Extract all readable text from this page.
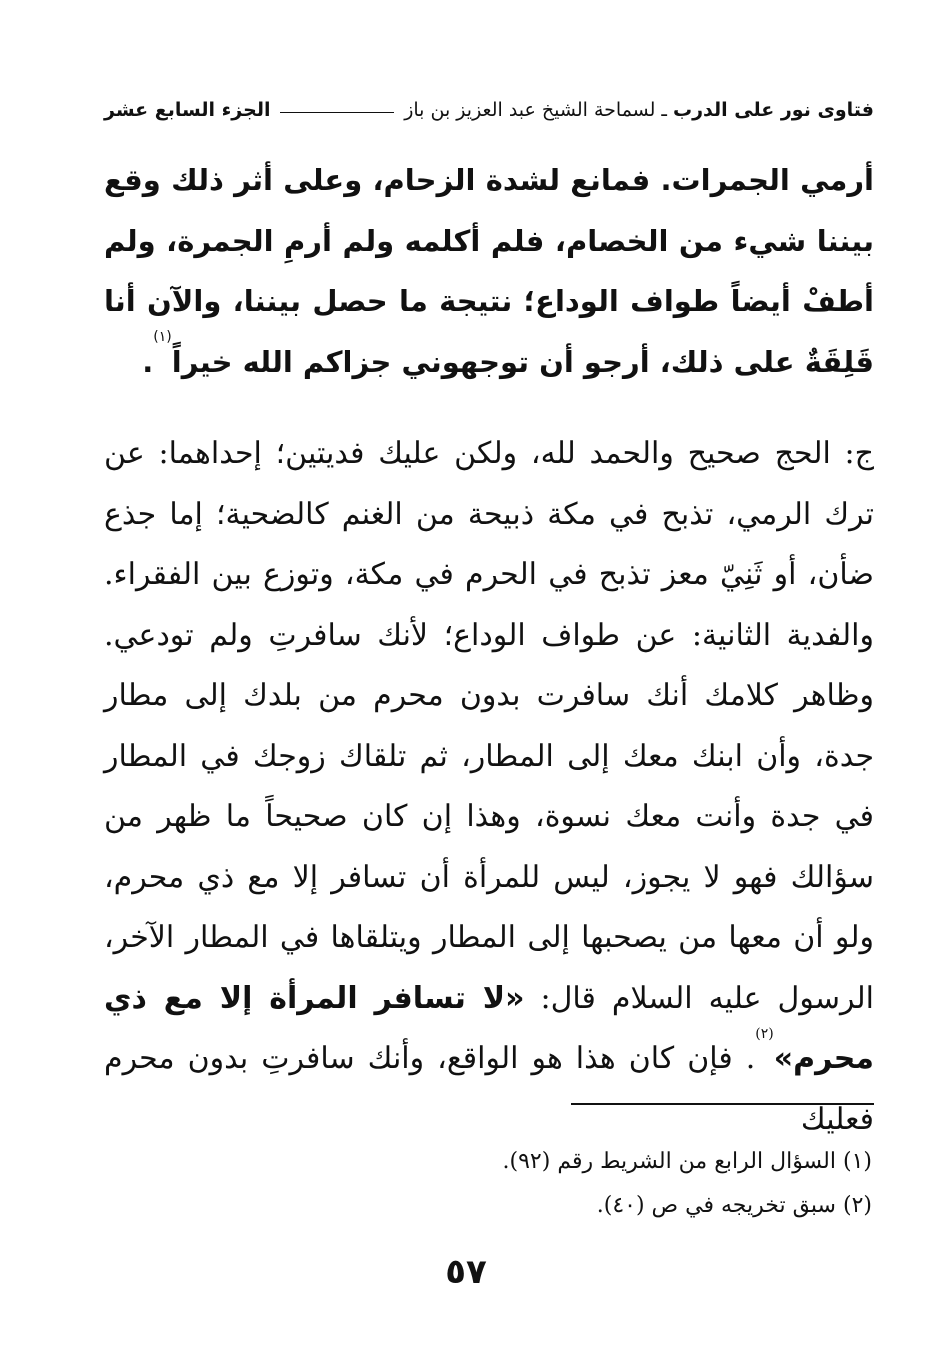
فتاوى نور على الدرب
ـ
لسماحة الشيخ عبد العزيز بن باز
الجزء السابع عشر
أرمي الجمرات. فمانع لشدة الزحام، وعلى أثر ذلك وقع بيننا شيء من الخصام، فلم أكلمه ولم أرمِ الجمرة، ولم أطفْ أيضاً طواف الوداع؛ نتيجة ما حصل بيننا، والآن أنا قَلِقَةٌ على ذلك، أرجو أن توجهوني جزاكم الله خيراً$^{(١)}$.
ج: الحج صحيح والحمد لله، ولكن عليك فديتين؛ إحداهما: عن ترك الرمي، تذبح في مكة ذبيحة من الغنم كالضحية؛ إما جذع ضأن، أو ثَنِيّ معز تذبح في الحرم في مكة، وتوزع بين الفقراء. والفدية الثانية: عن طواف الوداع؛ لأنك سافرتِ ولم تودعي. وظاهر كلامك أنك سافرت بدون محرم من بلدك إلى مطار جدة، وأن ابنك معك إلى المطار، ثم تلقاك زوجك في المطار في جدة وأنت معك نسوة، وهذا إن كان صحيحاً ما ظهر من سؤالك فهو لا يجوز، ليس للمرأة أن تسافر إلا مع ذي محرم، ولو أن معها من يصحبها إلى المطار ويتلقاها في المطار الآخر، الرسول عليه السلام قال: «لا تسافر المرأة إلا مع ذي محرم»$^{(٢)}$. فإن كان هذا هو الواقع، وأنك سافرتِ بدون محرم فعليك
(١) السؤال الرابع من الشريط رقم (٩٢).
(٢) سبق تخريجه في ص (٤٠).
٥٧
